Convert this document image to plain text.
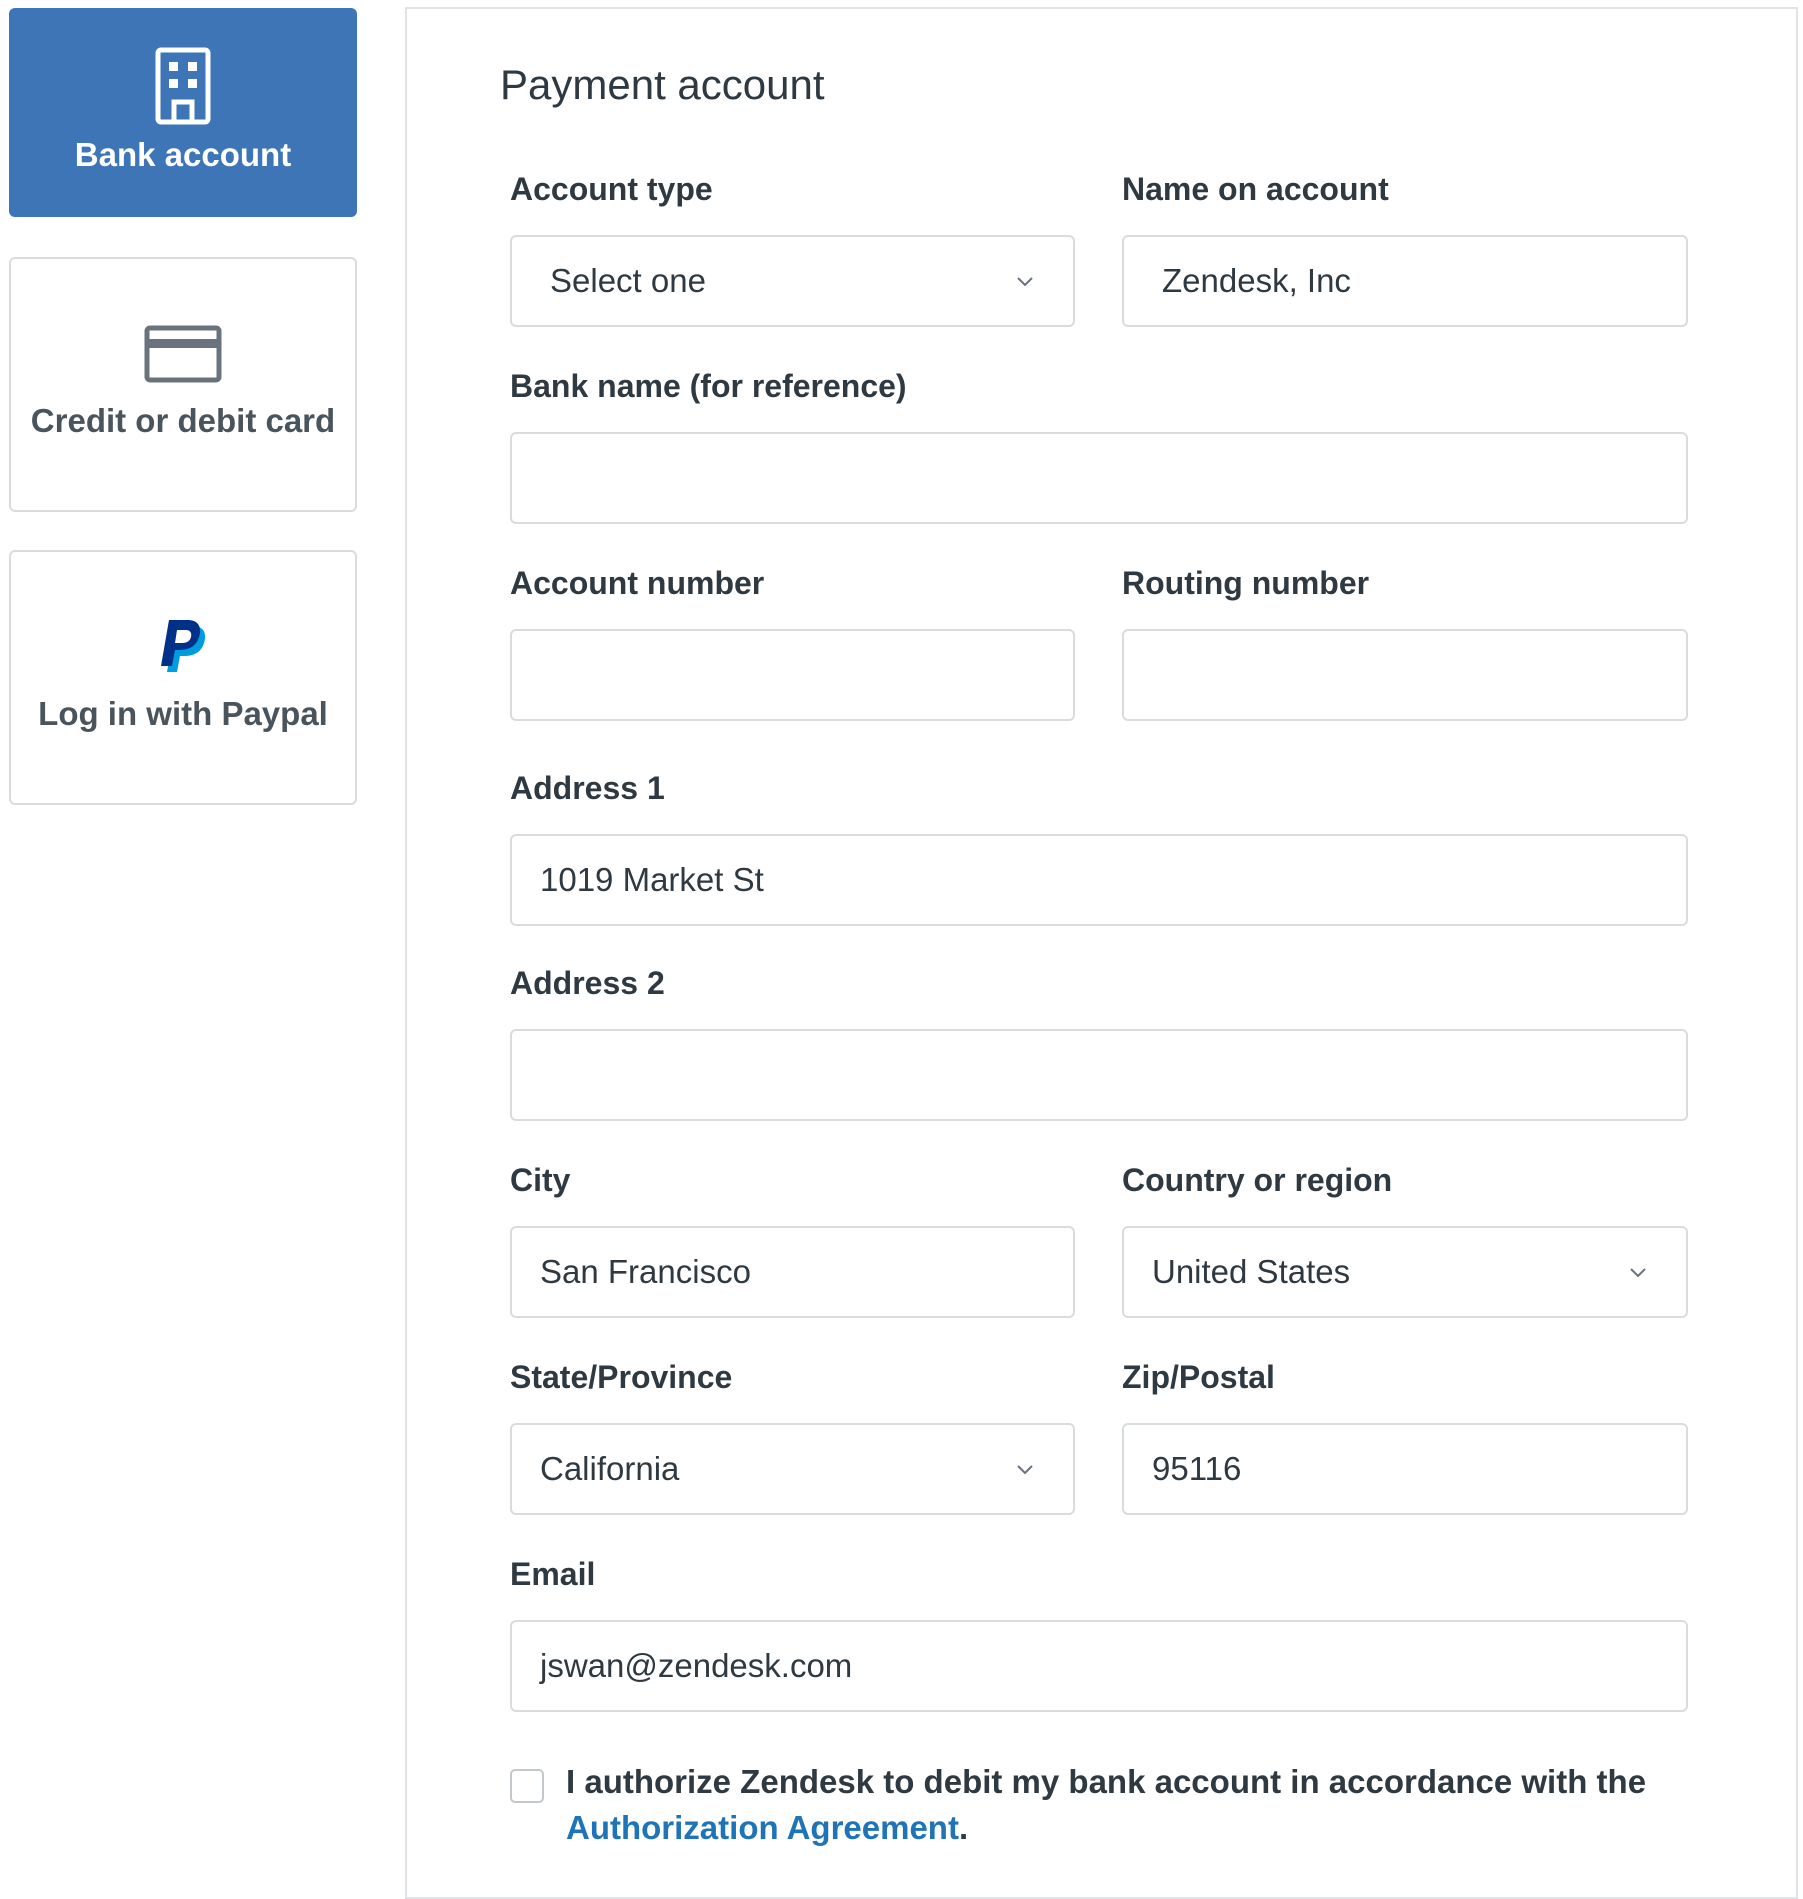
Bank account
Credit or debit card
Log in with Paypal
Payment account
Account type	Name on account
Select one	Zendesk, Inc
Bank name (for reference)
Account number	Routing number
Address 1
1019 Market St
Address 2
City	Country or region
San Francisco	United States
State/Province	Zip/Postal
California	95116
Email
jswan@zendesk.com
I authorize Zendesk to debit my bank account in accordance with the Authorization Agreement.
